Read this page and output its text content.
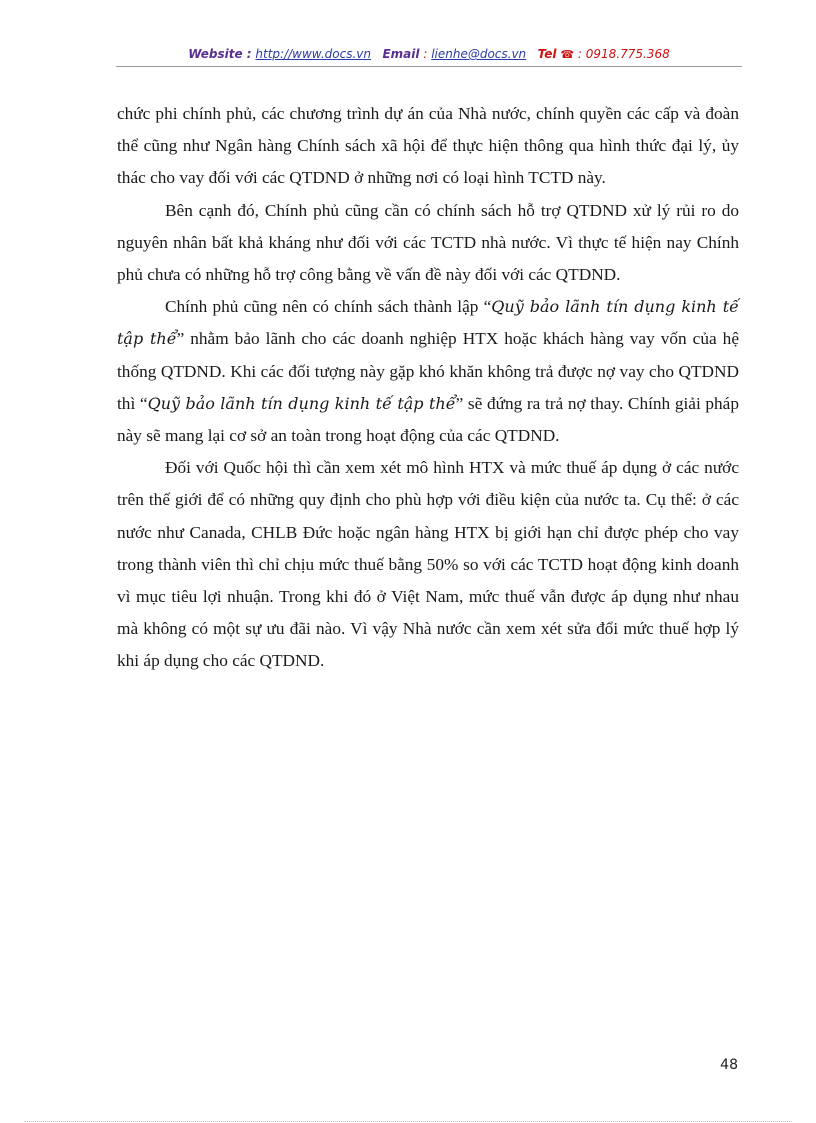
Website : http://www.docs.vn Email : lienhe@docs.vn Tel ☎ : 0918.775.368

chức phi chính phủ, các chương trình dự án của Nhà nước, chính quyền các cấp và đoàn thể cũng như Ngân hàng Chính sách xã hội để thực hiện thông qua hình thức đại lý, ủy thác cho vay đối với các QTDND ở những nơi có loại hình TCTD này.

Bên cạnh đó, Chính phủ cũng cần có chính sách hỗ trợ QTDND xử lý rủi ro do nguyên nhân bất khả kháng như đối với các TCTD nhà nước. Vì thực tế hiện nay Chính phủ chưa có những hỗ trợ công bằng về vấn đề này đối với các QTDND.

Chính phủ cũng nên có chính sách thành lập “Quỹ bảo lãnh tín dụng kinh tế tập thể” nhằm bảo lãnh cho các doanh nghiệp HTX hoặc khách hàng vay vốn của hệ thống QTDND. Khi các đối tượng này gặp khó khăn không trả được nợ vay cho QTDND thì “Quỹ bảo lãnh tín dụng kinh tế tập thể” sẽ đứng ra trả nợ thay. Chính giải pháp này sẽ mang lại cơ sở an toàn trong hoạt động của các QTDND.

Đối với Quốc hội thì cần xem xét mô hình HTX và mức thuế áp dụng ở các nước trên thế giới để có những quy định cho phù hợp với điều kiện của nước ta. Cụ thể: ở các nước như Canada, CHLB Đức hoặc ngân hàng HTX bị giới hạn chỉ được phép cho vay trong thành viên thì chỉ chịu mức thuế bằng 50% so với các TCTD hoạt động kinh doanh vì mục tiêu lợi nhuận. Trong khi đó ở Việt Nam, mức thuế vẫn được áp dụng như nhau mà không có một sự ưu đãi nào. Vì vậy Nhà nước cần xem xét sửa đổi mức thuế hợp lý khi áp dụng cho các QTDND.

48
